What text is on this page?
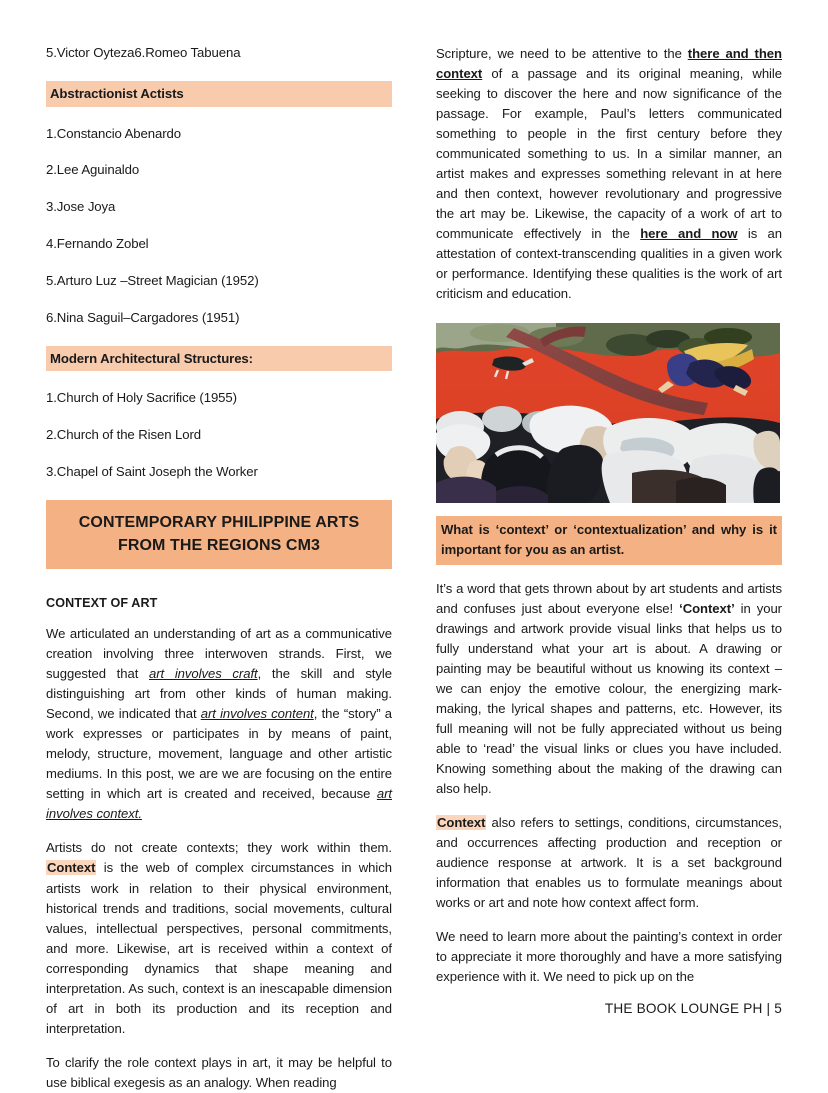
5.Victor Oyteza6.Romeo Tabuena
Abstractionist Actists
1.Constancio Abenardo
2.Lee Aguinaldo
3.Jose Joya
4.Fernando Zobel
5.Arturo Luz –Street Magician (1952)
6.Nina Saguil–Cargadores (1951)
Modern Architectural Structures:
1.Church of Holy Sacrifice (1955)
2.Church of the Risen Lord
3.Chapel of Saint Joseph the Worker
CONTEMPORARY PHILIPPINE ARTS FROM THE REGIONS CM3
CONTEXT OF ART

We articulated an understanding of art as a communicative creation involving three interwoven strands. First, we suggested that art involves craft, the skill and style distinguishing art from other kinds of human making. Second, we indicated that art involves content, the “story” a work expresses or participates in by means of paint, melody, structure, movement, language and other artistic mediums. In this post, we are we are focusing on the entire setting in which art is created and received, because art involves context.

Artists do not create contexts; they work within them. Context is the web of complex circumstances in which artists work in relation to their physical environment, historical trends and traditions, social movements, cultural values, intellectual perspectives, personal commitments, and more. Likewise, art is received within a context of corresponding dynamics that shape meaning and interpretation. As such, context is an inescapable dimension of art in both its production and its reception and interpretation.

To clarify the role context plays in art, it may be helpful to use biblical exegesis as an analogy. When reading

Scripture, we need to be attentive to the there and then context of a passage and its original meaning, while seeking to discover the here and now significance of the passage. For example, Paul’s letters communicated something to people in the first century before they communicated something to us. In a similar manner, an artist makes and expresses something relevant in at here and then context, however revolutionary and progressive the art may be. Likewise, the capacity of a work of art to communicate effectively in the here and now is an attestation of context-transcending qualities in a given work or performance. Identifying these qualities is the work of art criticism and education.

What is ‘context’ or ‘contextualization’ and why is it important for you as an artist.

It’s a word that gets thrown about by art students and artists and confuses just about everyone else! ‘Context’ in your drawings and artwork provide visual links that helps us to fully understand what your art is about. A drawing or painting may be beautiful without us knowing its context –we can enjoy the emotive colour, the energizing mark-making, the lyrical shapes and patterns, etc. However, its full meaning will not be fully appreciated without us being able to ‘read’ the visual links or clues you have included. Knowing something about the making of the drawing can also help.

Context also refers to settings, conditions, circumstances, and occurrences affecting production and reception or audience response at artwork. It is a set background information that enables us to formulate meanings about works or art and note how context affect form.

We need to learn more about the painting’s context in order to appreciate it more thoroughly and have a more satisfying experience with it. We need to pick up on the

THE BOOK LOUNGE PH | 5
